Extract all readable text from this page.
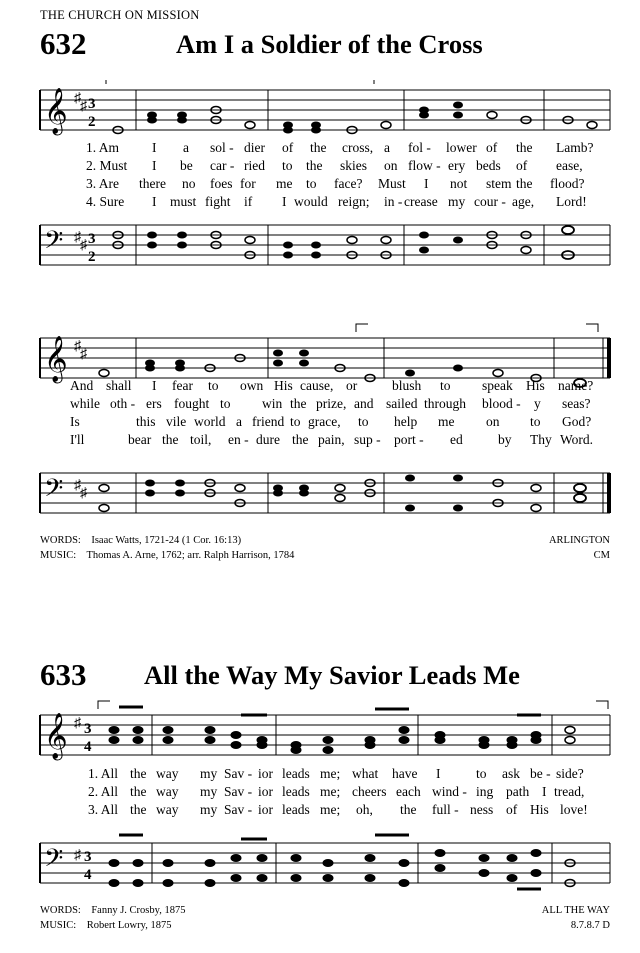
THE CHURCH ON MISSION
632	Am I a Soldier of the Cross
𝄞 ♯
♯ 3
2
1. Am I a sol - dier of the cross, a fol - lower of the Lamb?
2. Must I be car - ried to the skies on flow - ery beds of ease,
3. Are there no foes for me to face? Must I not stem the flood?
4. Sure I must fight if I would reign; in - crease my cour - age, Lord!
𝄢 ♯
♯ 3
2
𝄞 ♯
♯
And shall I fear to own His cause, or	blush to speak His name?
while oth - ers fought to win the prize, and sailed through blood - y seas?
Is	this vile world a friend to grace, to help me on to God?
I'll	bear the toil, en - dure the pain, sup - port - ed	by Thy Word.
𝄢 ♯
♯
WORDS: Isaac Watts, 1721-24 (1 Cor. 16:13)
MUSIC: Thomas A. Arne, 1762; arr. Ralph Harrison, 1784
ARLINGTON
CM
633 All the Way My Savior Leads Me
𝄞 ♯ 3
4
1. All the way my Sav - ior leads me; what have I	to ask be - side?
2. All the way my Sav - ior leads me; cheers each wind - ing path I tread,
3. All the way my Sav - ior leads me; oh, the full - ness of His love!
𝄢 ♯ 3
4
WORDS: Fanny J. Crosby, 1875
MUSIC: Robert Lowry, 1875
ALL THE WAY
8.7.8.7 D
